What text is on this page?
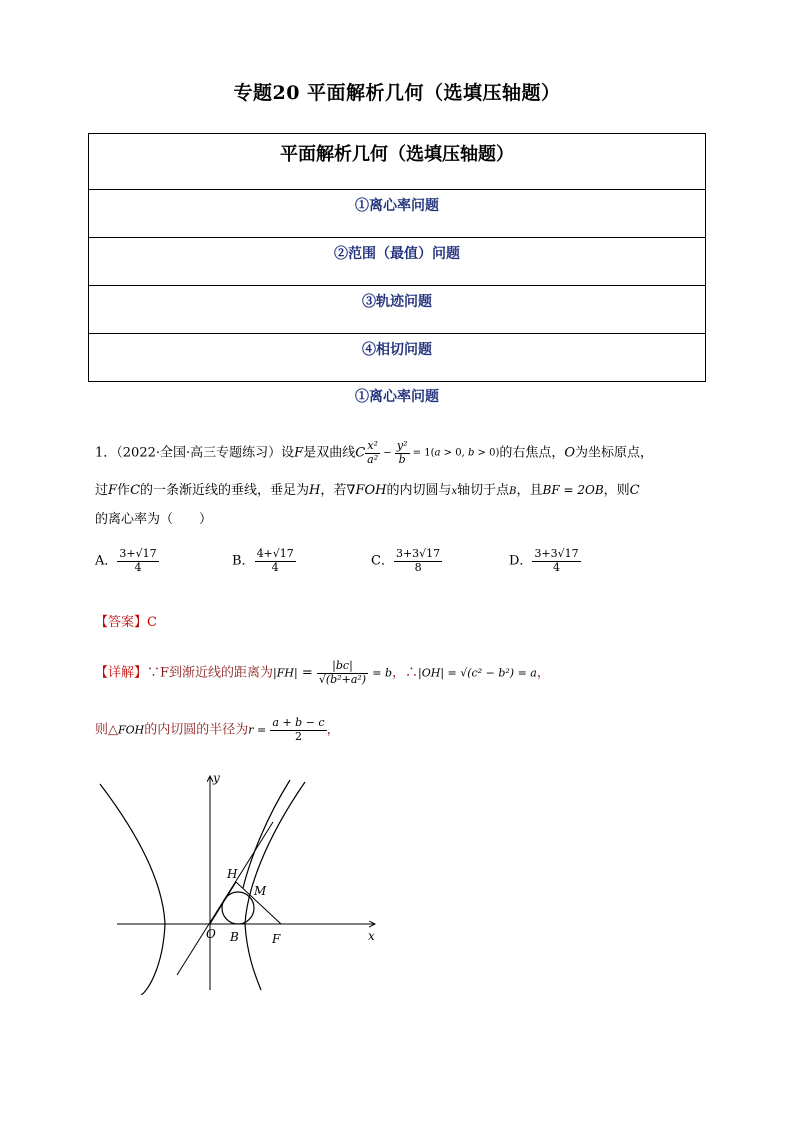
专题20 平面解析几何（选填压轴题）
平面解析几何（选填压轴题）
①离心率问题
②范围（最值）问题
③轨迹问题
④相切问题
①离心率问题
1．（2022·全国·高三专题练习）设F是双曲线C $\frac{\text{x²}}{\text{a²}} - \frac{\text{y²}}{b} = 1(a > 0$, b > 0)的右焦点，O为坐标原点，
过F作C的一条渐近线的垂线，垂足为H，若∇FOH的内切圆与x轴切于点B，且BF = 2OB，则C
的离心率为（　　）
A． $\frac{3+√17}{4}$	B． $\frac{4+√17}{4}$	C． $\frac{3+3√17}{8}$	D． $\frac{3+3√17}{4}$
【答案】C
【详解】∵F到渐近线的距离为$|FH| = \frac{|bc|}{\text{√(b²+a²)}} = b$，∴|OH| = √(c² − b²) = a，
则△FOH的内切圆的半径为$r = \frac{a + b - c}{2}$ ，
y
x
O B	F
H
M
